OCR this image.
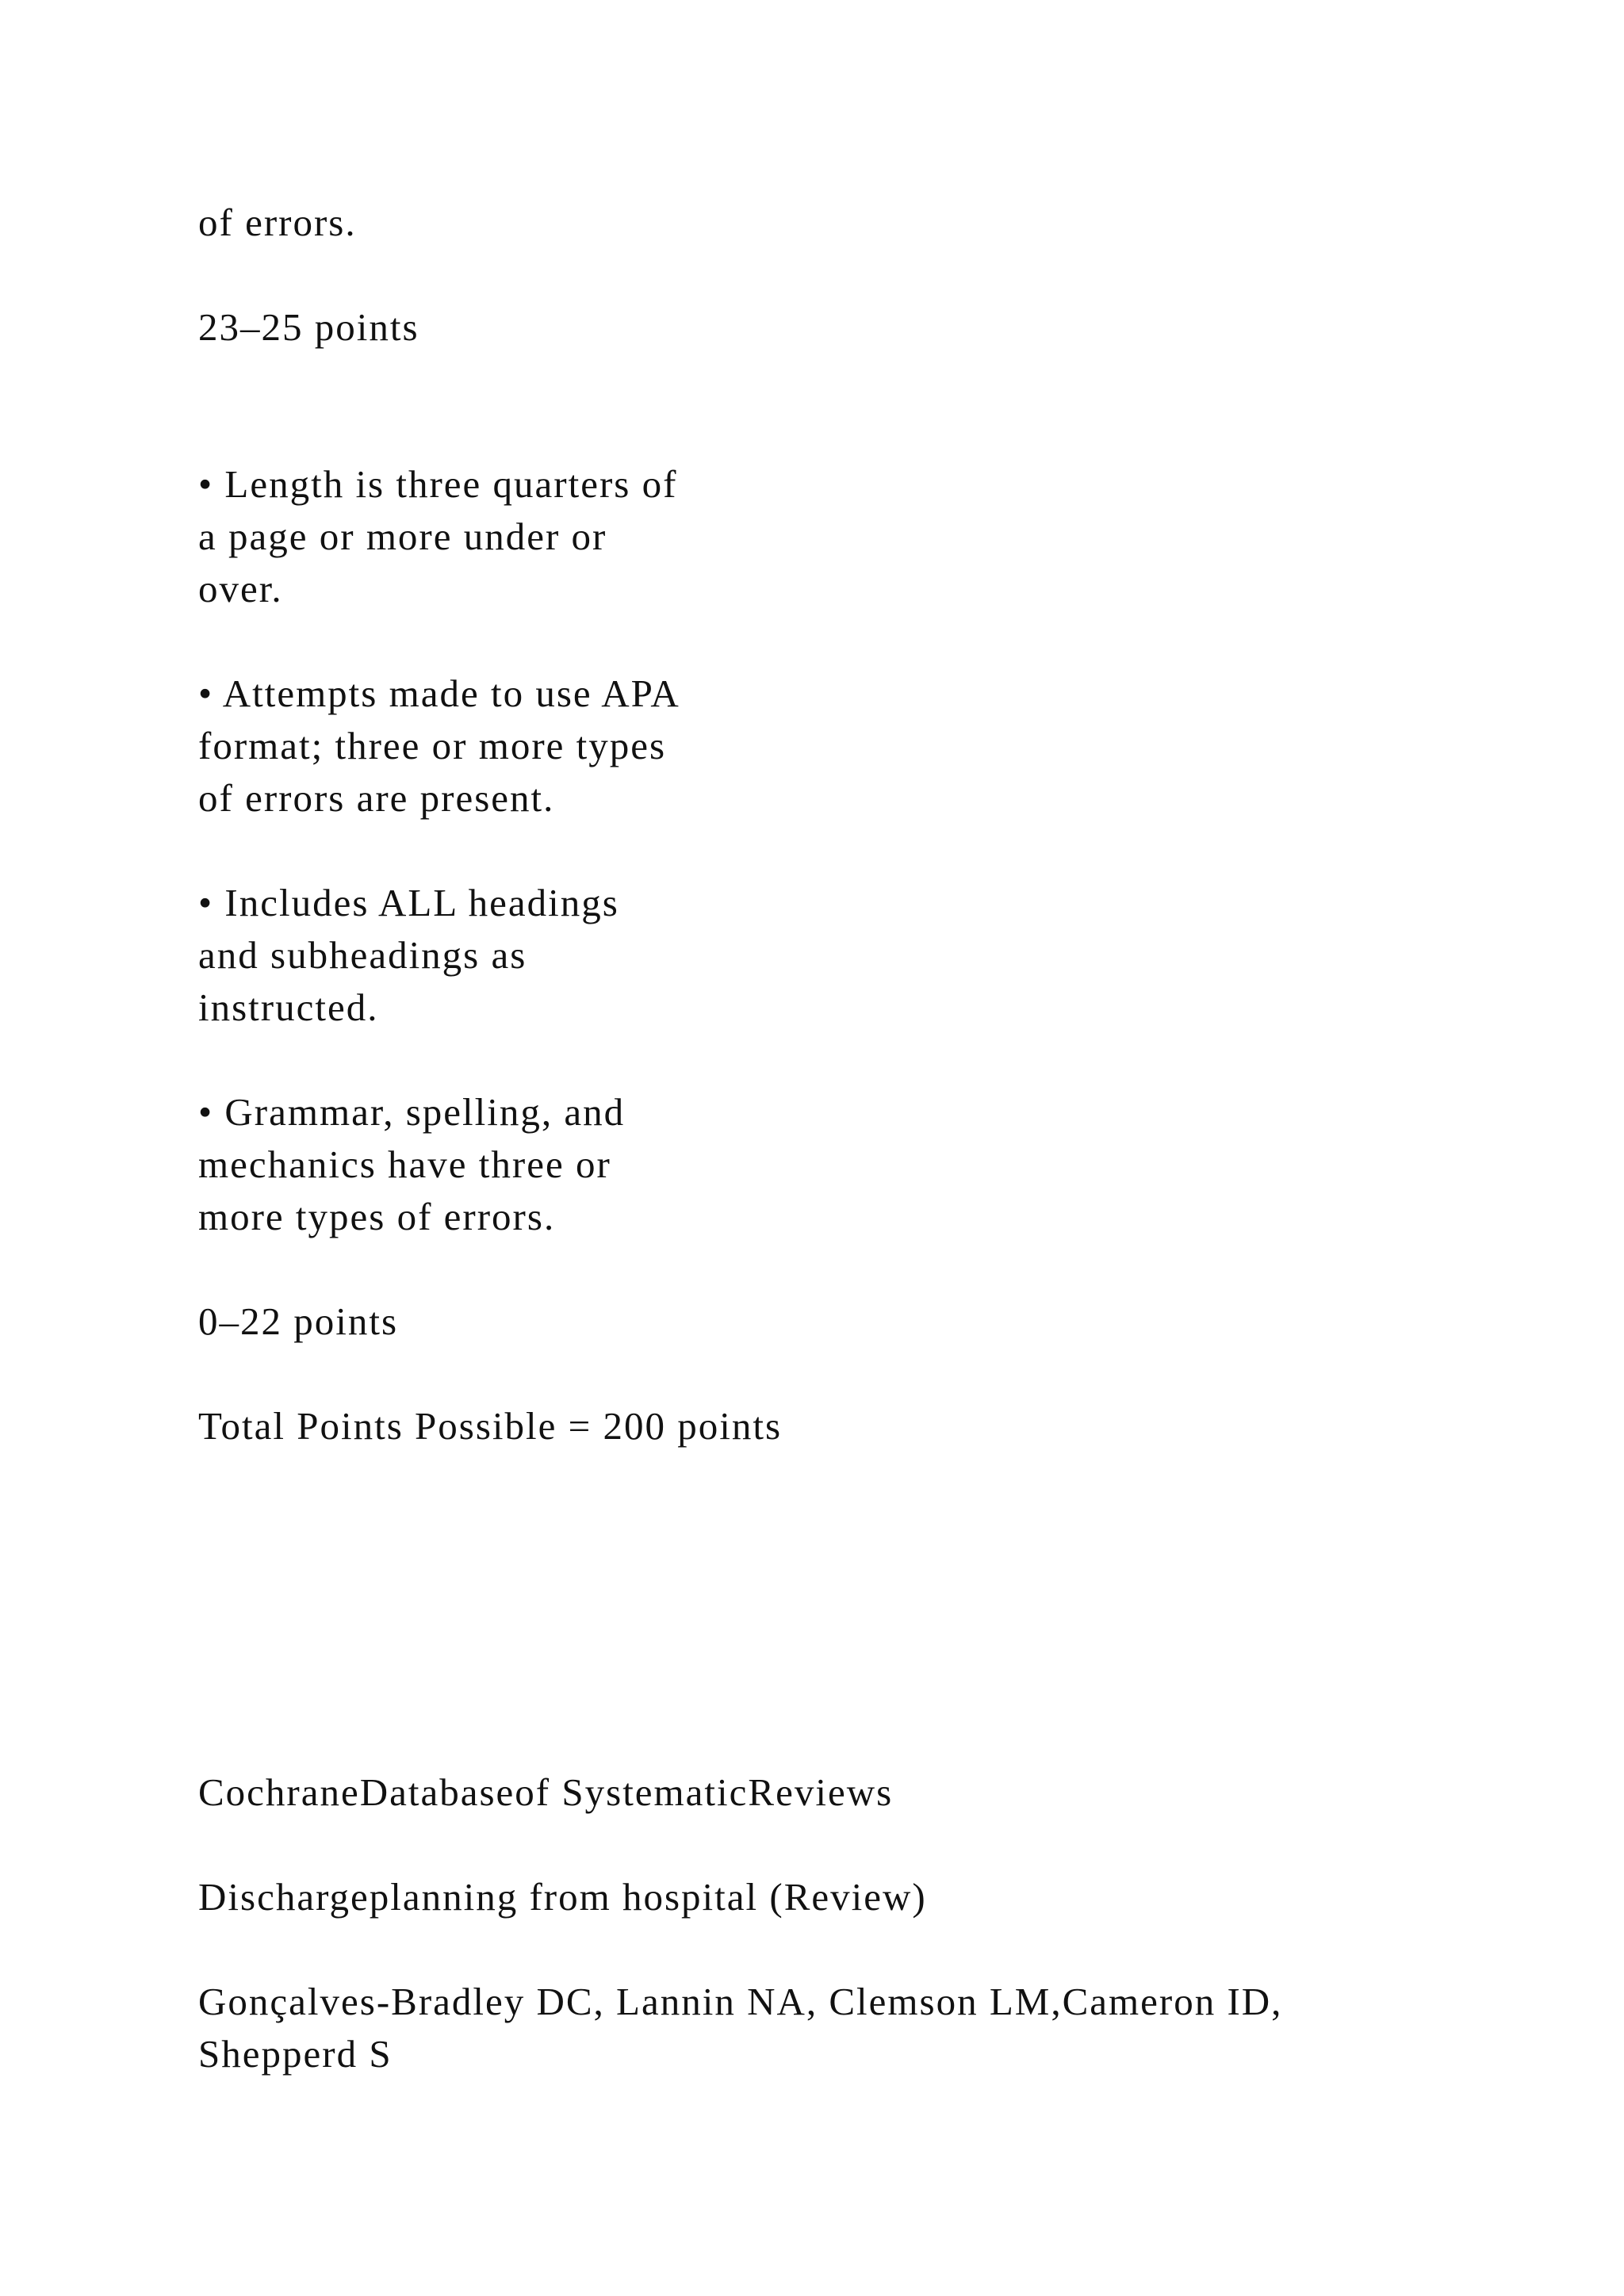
of errors.

23–25 points

• Length is three quarters of
a page or more under or
over.

• Attempts made to use APA
format; three or more types
of errors are present.

• Includes ALL headings
and subheadings as
instructed.

• Grammar, spelling, and
mechanics have three or
more types of errors.

0–22 points

Total Points Possible = 200 points

CochraneDatabaseof SystematicReviews

Dischargeplanning from hospital (Review)

Gonçalves-Bradley DC, Lannin NA, Clemson LM,Cameron ID,
Shepperd S
